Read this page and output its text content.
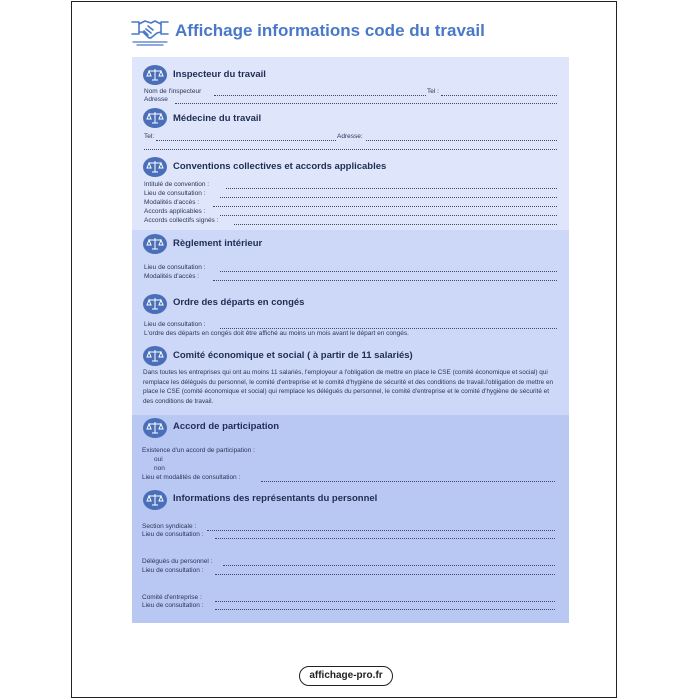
Affichage informations code du travail
Inspecteur du travail
Nom de l'inspecteur	Tel :
Adresse
Médecine du travail
Tel:	Adresse:
Conventions collectives et accords applicables
Intitulé de convention :
Lieu de consultation :
Modalités d'accès :
Accords applicables :
Accords collectifs signés :
Règlement intérieur
Lieu de consultation :
Modalités d'accès :
Ordre des départs en congés
Lieu de consultation :
L'ordre des départs en congés doit être affiché au moins un mois avant le départ en congés.
Comité économique et social ( à partir de 11 salariés)
Dans toutes les entreprises qui ont au moins 11 salariés, l'employeur a l'obligation de mettre en place le CSE (comité économique et social) qui remplace les délégués du personnel, le comité d'entreprise et le comité d'hygiène de sécurité et des conditions de travail.l'obligation de mettre en place le CSE (comité économique et social) qui remplace les délégués du personnel, le comité d'entreprise et le comité d'hygiène de sécurité et des conditions de travail.
Accord de participation
Existence d'un accord de participation :
oui
non
Lieu et modalités de consultation :
Informations des représentants du personnel
Section syndicale :
Lieu de consultation :
Délégués du personnel :
Lieu de consultation :
Comité d'entreprise :
Lieu de consultation :
affichage-pro.fr
